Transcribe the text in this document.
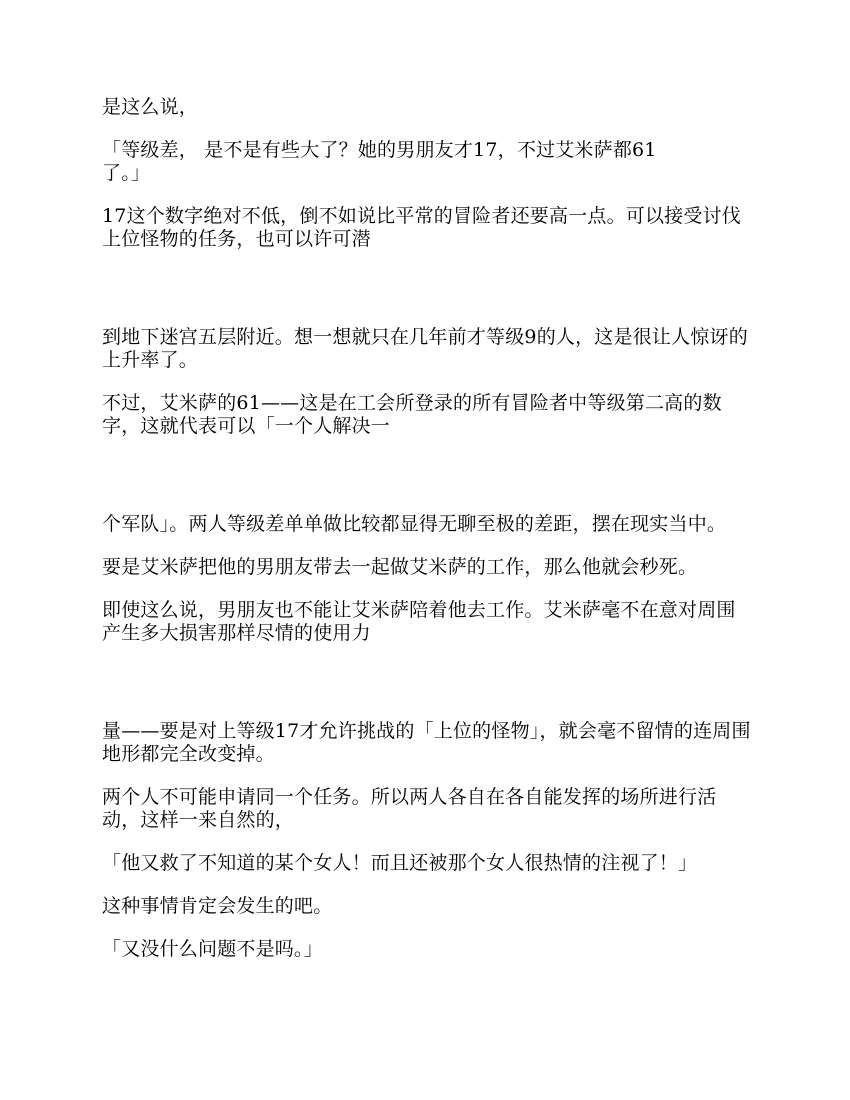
是这么说，

「等级差， 是不是有些大了？她的男朋友才17，不过艾米萨都61
了。」

17这个数字绝对不低，倒不如说比平常的冒险者还要高一点。可以接受讨伐上位怪物的任务，也可以许可潜

到地下迷宫五层附近。想一想就只在几年前才等级9的人，这是很让人惊讶的上升率了。

不过，艾米萨的61——这是在工会所登录的所有冒险者中等级第二高的数字，这就代表可以「一个人解决一

个军队」。两人等级差单单做比较都显得无聊至极的差距，摆在现实当中。

要是艾米萨把他的男朋友带去一起做艾米萨的工作，那么他就会秒死。

即使这么说，男朋友也不能让艾米萨陪着他去工作。艾米萨毫不在意对周围产生多大损害那样尽情的使用力

量——要是对上等级17才允许挑战的「上位的怪物」，就会毫不留情的连周围地形都完全改变掉。

两个人不可能申请同一个任务。所以两人各自在各自能发挥的场所进行活动，这样一来自然的，

「他又救了不知道的某个女人！而且还被那个女人很热情的注视了！」

这种事情肯定会发生的吧。

「又没什么问题不是吗。」
